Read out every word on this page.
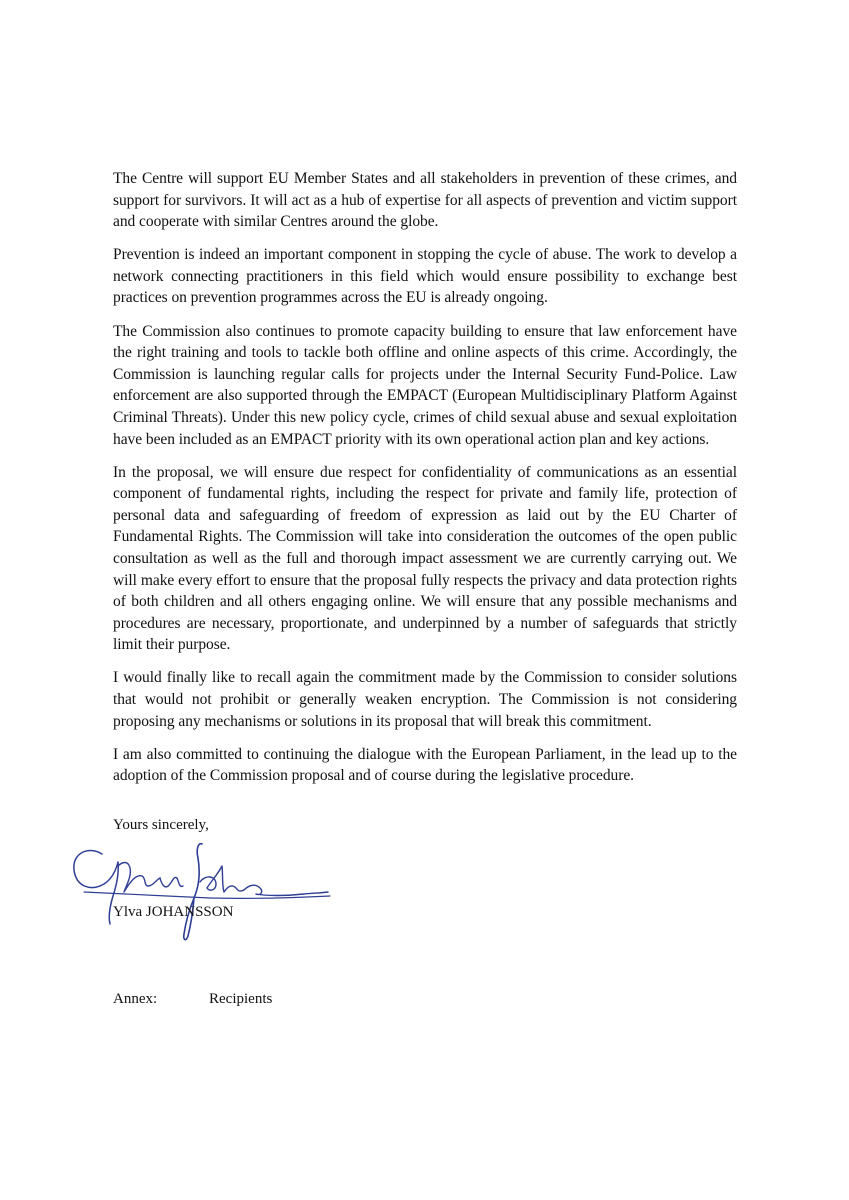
The Centre will support EU Member States and all stakeholders in prevention of these crimes, and support for survivors. It will act as a hub of expertise for all aspects of prevention and victim support and cooperate with similar Centres around the globe.

Prevention is indeed an important component in stopping the cycle of abuse. The work to develop a network connecting practitioners in this field which would ensure possibility to exchange best practices on prevention programmes across the EU is already ongoing.

The Commission also continues to promote capacity building to ensure that law enforcement have the right training and tools to tackle both offline and online aspects of this crime. Accordingly, the Commission is launching regular calls for projects under the Internal Security Fund-Police. Law enforcement are also supported through the EMPACT (European Multidisciplinary Platform Against Criminal Threats). Under this new policy cycle, crimes of child sexual abuse and sexual exploitation have been included as an EMPACT priority with its own operational action plan and key actions.

In the proposal, we will ensure due respect for confidentiality of communications as an essential component of fundamental rights, including the respect for private and family life, protection of personal data and safeguarding of freedom of expression as laid out by the EU Charter of Fundamental Rights. The Commission will take into consideration the outcomes of the open public consultation as well as the full and thorough impact assessment we are currently carrying out. We will make every effort to ensure that the proposal fully respects the privacy and data protection rights of both children and all others engaging online. We will ensure that any possible mechanisms and procedures are necessary, proportionate, and underpinned by a number of safeguards that strictly limit their purpose.

I would finally like to recall again the commitment made by the Commission to consider solutions that would not prohibit or generally weaken encryption. The Commission is not considering proposing any mechanisms or solutions in its proposal that will break this commitment.

I am also committed to continuing the dialogue with the European Parliament, in the lead up to the adoption of the Commission proposal and of course during the legislative procedure.

Yours sincerely,

Ylva JOHANSSON

Annex:	Recipients
